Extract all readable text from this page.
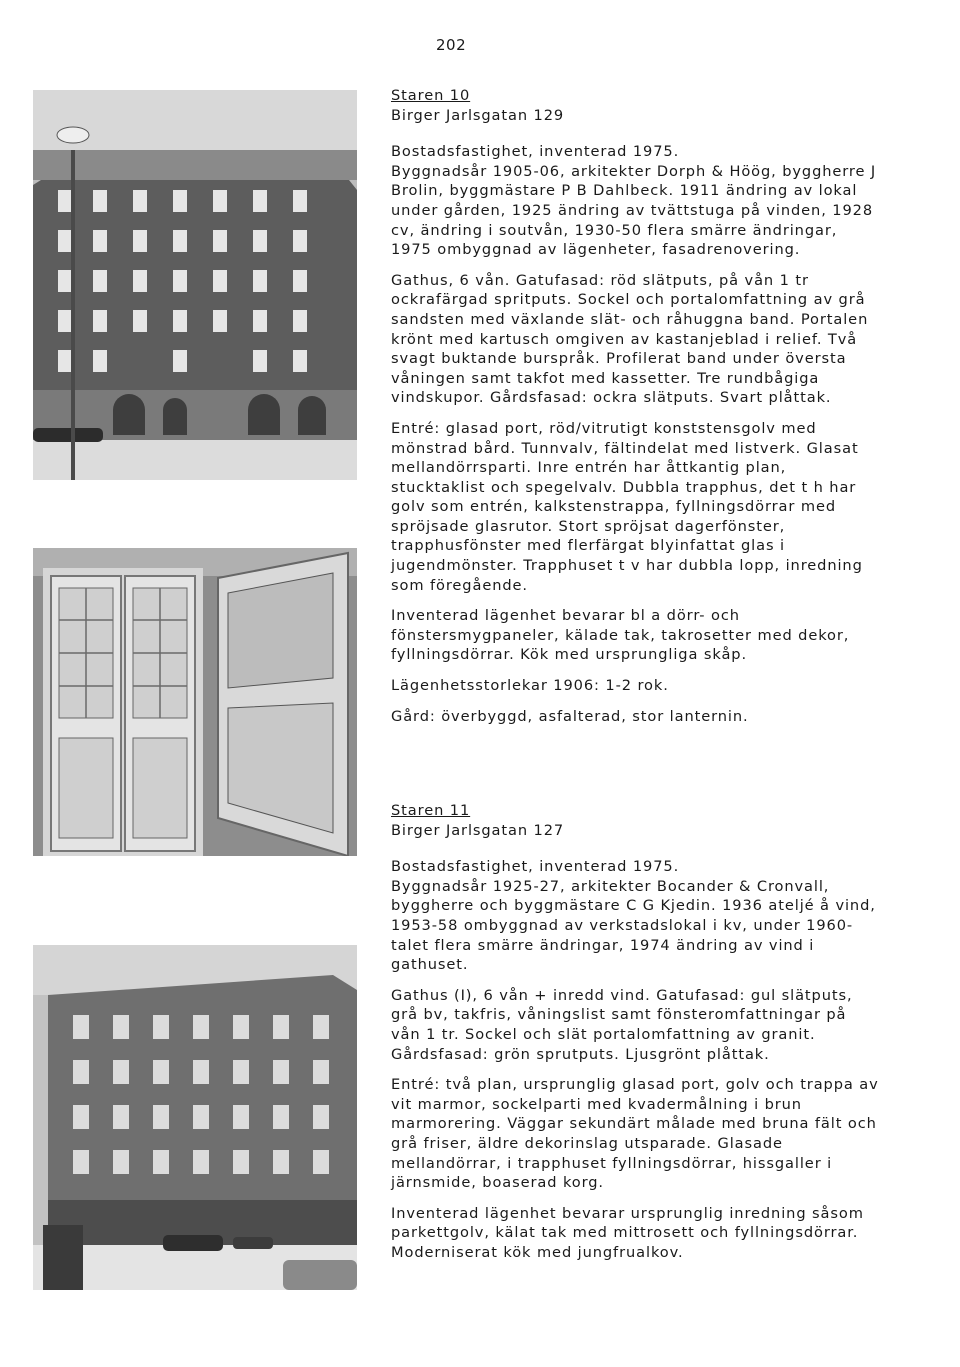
202
Staren 10
Birger Jarlsgatan 129

Bostadsfastighet, inventerad 1975.
Byggnadsår 1905-06, arkitekter Dorph & Höög, byggherre J Brolin, byggmästare P B Dahlbeck. 1911 ändring av lokal under gården, 1925 ändring av tvättstuga på vinden, 1928 cv, ändring i soutvån, 1930-50 flera smärre ändringar, 1975 ombyggnad av lägenheter, fasadrenovering.

Gathus, 6 vån. Gatufasad: röd slätputs, på vån 1 tr ockrafärgad spritputs. Sockel och portalomfattning av grå sandsten med växlande slät- och råhuggna band. Portalen krönt med kartusch omgiven av kastanjeblad i relief. Två svagt buktande burspråk. Profilerat band under översta våningen samt takfot med kassetter. Tre rundbågiga vindskupor. Gårdsfasad: ockra slätputs. Svart plåttak.

Entré: glasad port, röd/vitrutigt konststensgolv med mönstrad bård. Tunnvalv, fältindelat med listverk. Glasat mellandörrsparti. Inre entrén har åttkantig plan, stucktaklist och spegelvalv. Dubbla trapphus, det t h har golv som entrén, kalkstenstrappa, fyllningsdörrar med spröjsade glasrutor. Stort spröjsat dagerfönster, trapphusfönster med flerfärgat blyinfattat glas i jugendmönster. Trapphuset t v har dubbla lopp, inredning som föregående.

Inventerad lägenhet bevarar bl a dörr- och fönstersmygpaneler, kälade tak, takrosetter med dekor, fyllningsdörrar. Kök med ursprungliga skåp.

Lägenhetsstorlekar 1906: 1-2 rok.

Gård: överbyggd, asfalterad, stor lanternin.

Staren 11
Birger Jarlsgatan 127

Bostadsfastighet, inventerad 1975.
Byggnadsår 1925-27, arkitekter Bocander & Cronvall, byggherre och byggmästare C G Kjedin. 1936 ateljé å vind, 1953-58 ombyggnad av verkstadslokal i kv, under 1960-talet flera smärre ändringar, 1974 ändring av vind i gathuset.

Gathus (I), 6 vån + inredd vind. Gatufasad: gul slätputs, grå bv, takfris, våningslist samt fönsteromfattningar på vån 1 tr. Sockel och slät portalomfattning av granit. Gårdsfasad: grön sprutputs. Ljusgrönt plåttak.

Entré: två plan, ursprunglig glasad port, golv och trappa av vit marmor, sockelparti med kvadermålning i brun marmorering. Väggar sekundärt målade med bruna fält och grå friser, äldre dekorinslag utsparade. Glasade mellandörrar, i trapphuset fyllningsdörrar, hissgaller i järnsmide, boaserad korg.

Inventerad lägenhet bevarar ursprunglig inredning såsom parkettgolv, kälat tak med mittrosett och fyllningsdörrar. Moderniserat kök med jungfrualkov.
